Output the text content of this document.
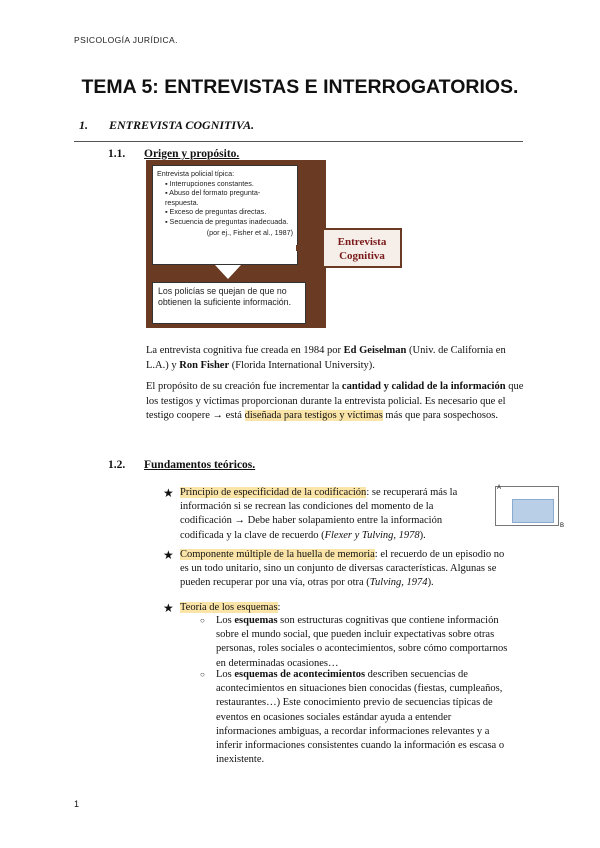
PSICOLOGÍA JURÍDICA.
TEMA 5: ENTREVISTAS E INTERROGATORIOS.
1. ENTREVISTA COGNITIVA.
1.1. Origen y propósito.
Entrevista policial típica:
▪ Interrupciones constantes.
▪ Abuso del formato pregunta-respuesta.
▪ Exceso de preguntas directas.
▪ Secuencia de preguntas inadecuada.
(por ej., Fisher et al., 1987)
Los policías se quejan de que no obtienen la suficiente información.
Entrevista
Cognitiva
La entrevista cognitiva fue creada en 1984 por Ed Geiselman (Univ. de California en L.A.) y Ron Fisher (Florida International University).
El propósito de su creación fue incrementar la cantidad y calidad de la información que los testigos y víctimas proporcionan durante la entrevista policial. Es necesario que el testigo coopere → está diseñada para testigos y víctimas más que para sospechosos.
1.2. Fundamentos teóricos.
★ Principio de especificidad de la codificación: se recuperará más la
información si se recrean las condiciones del momento de la
codificación → Debe haber solapamiento entre la información
codificada y la clave de recuerdo (Flexer y Tulving, 1978).
A
B
★ Componente múltiple de la huella de memoria: el recuerdo de un episodio no
es un todo unitario, sino un conjunto de diversas características. Algunas se
pueden recuperar por una vía, otras por otra (Tulving, 1974).
★ Teoría de los esquemas:
○ Los esquemas son estructuras cognitivas que contiene información
sobre el mundo social, que pueden incluir expectativas sobre otras
personas, roles sociales o acontecimientos, sobre cómo comportarnos
en determinadas ocasiones…
○ Los esquemas de acontecimientos describen secuencias de
acontecimientos en situaciones bien conocidas (fiestas, cumpleaños,
restaurantes…) Este conocimiento previo de secuencias típicas de
eventos en ocasiones sociales estándar ayuda a entender
informaciones ambiguas, a recordar informaciones relevantes y a
inferir informaciones consistentes cuando la información es escasa o
inexistente.
1
